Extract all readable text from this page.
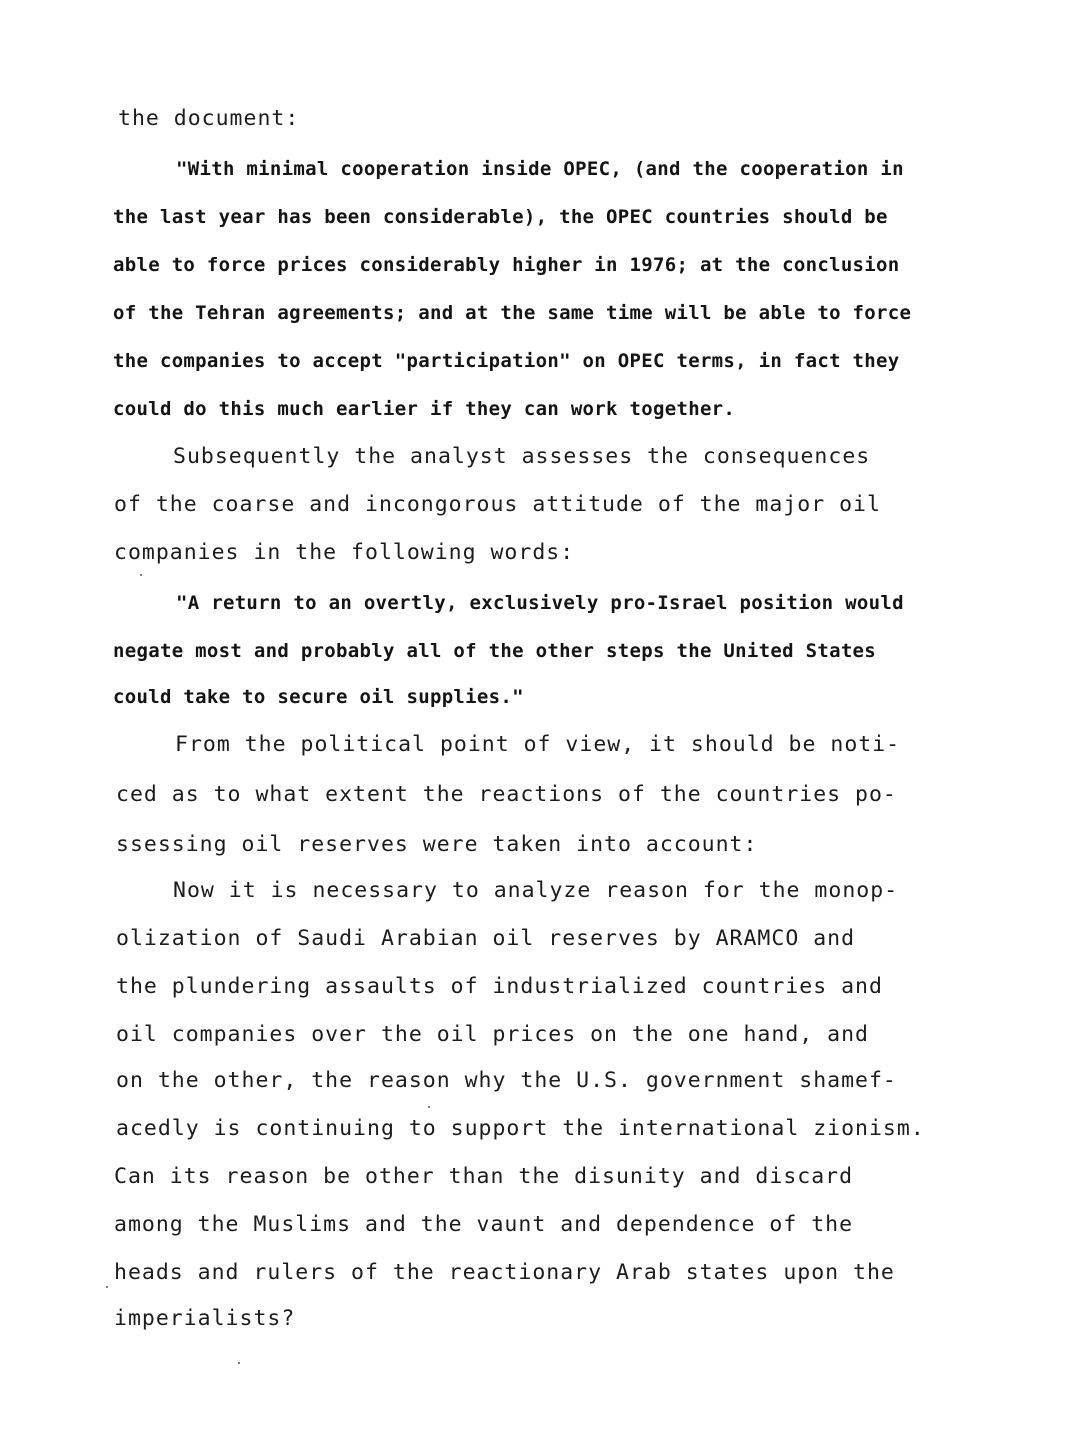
the document:
"With minimal cooperation inside OPEC, (and the cooperation in
the last year has been considerable), the OPEC countries should be
able to force prices considerably higher in 1976; at the conclusion
of the Tehran agreements; and at the same time will be able to force
the companies to accept "participation" on OPEC terms, in fact they
could do this much earlier if they can work together.
Subsequently the analyst assesses the consequences
of the coarse and incongorous attitude of the major oil
companies in the following words:
"A return to an overtly, exclusively pro-Israel position would
negate most and probably all of the other steps the United States
could take to secure oil supplies."
From the political point of view, it should be noti-
ced as to what extent the reactions of the countries po-
ssessing oil reserves were taken into account:
Now it is necessary to analyze reason for the monop-
olization of Saudi Arabian oil reserves by ARAMCO and
the plundering assaults of industrialized countries and
oil companies over the oil prices on the one hand, and
on the other, the reason why the U.S. government shamef-
acedly is continuing to support the international zionism.
Can its reason be other than the disunity and discard
among the Muslims and the vaunt and dependence of the
heads and rulers of the reactionary Arab states upon the
imperialists?
